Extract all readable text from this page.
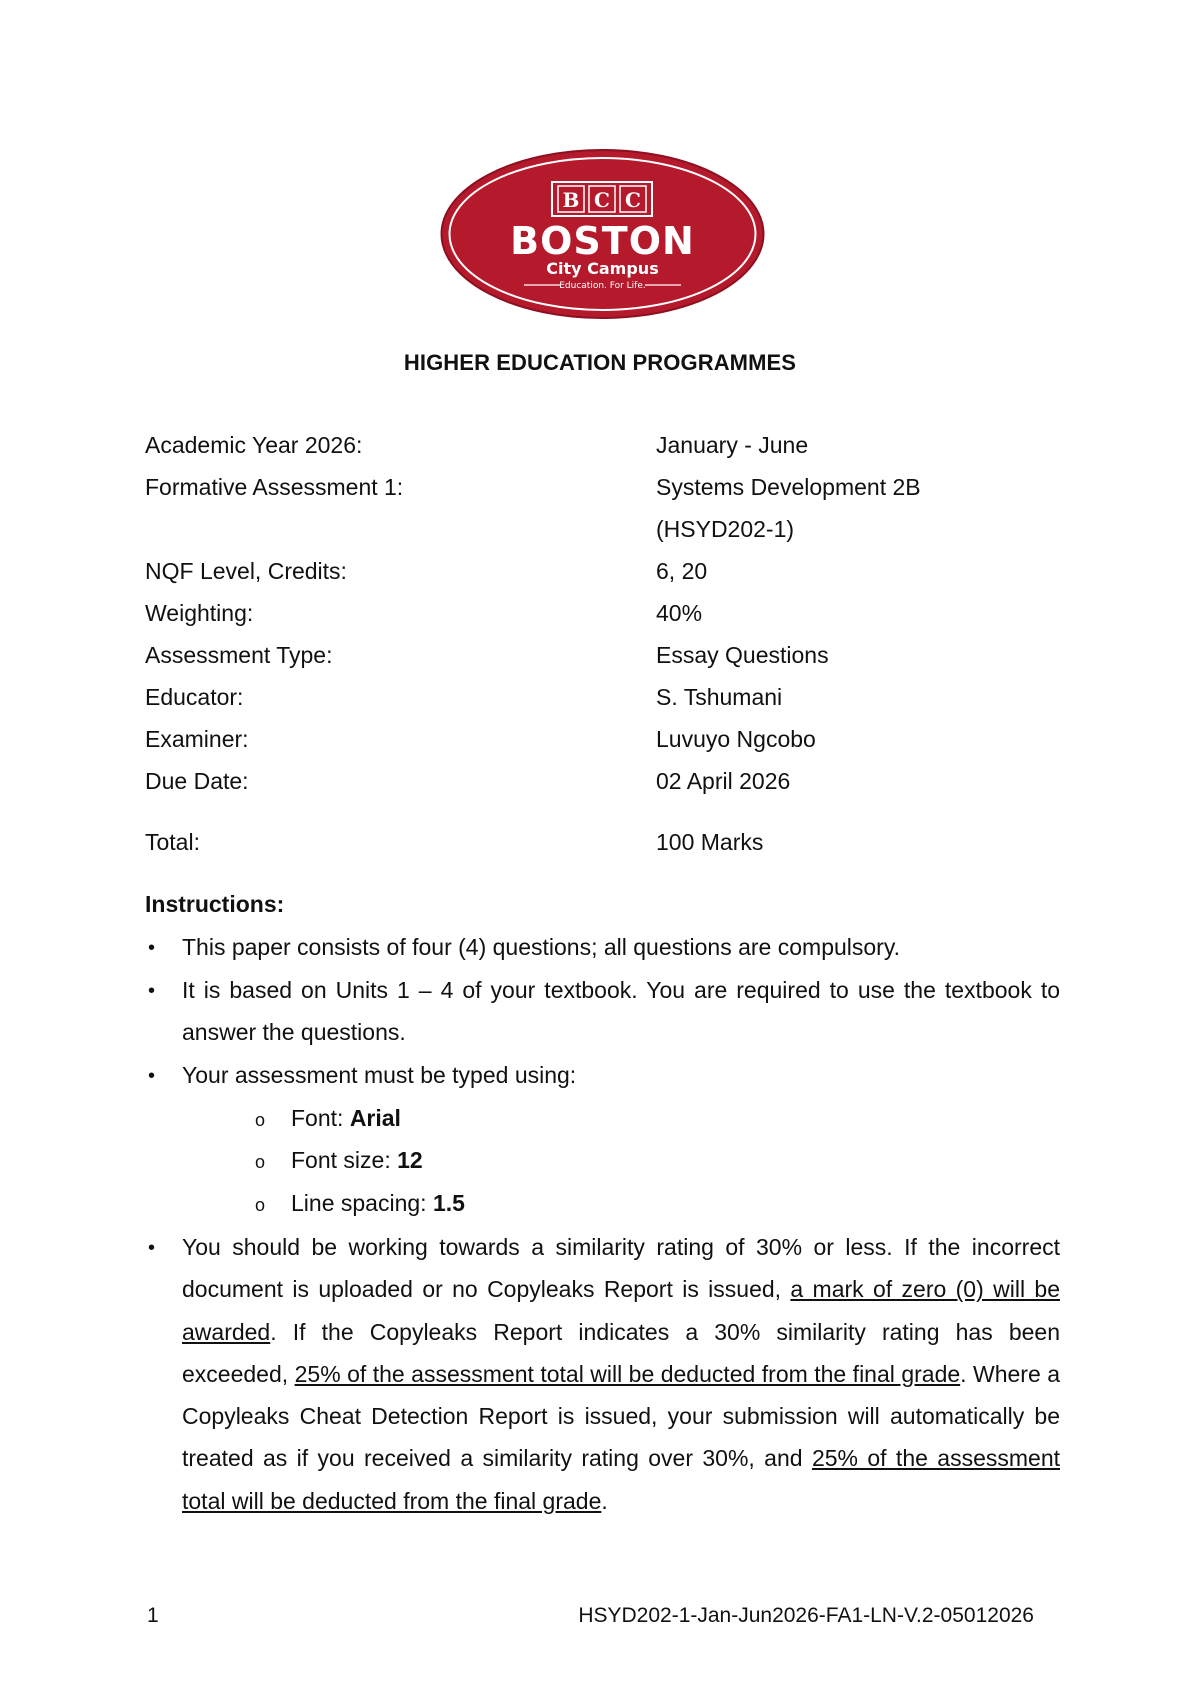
B C C
BOSTON
City Campus
Education. For Life.
HIGHER EDUCATION PROGRAMMES
Academic Year 2026:	January - June
Formative Assessment 1:	Systems Development 2B
(HSYD202-1)
NQF Level, Credits:	6, 20
Weighting:	40%
Assessment Type:	Essay Questions
Educator:	S. Tshumani
Examiner:	Luvuyo Ngcobo
Due Date:	02 April 2026
Total:	100 Marks
Instructions:
• This paper consists of four (4) questions; all questions are compulsory.
• It is based on Units 1 – 4 of your textbook. You are required to use the textbook to answer the questions.
• Your assessment must be typed using:
o Font: Arial
o Font size: 12
o Line spacing: 1.5
• You should be working towards a similarity rating of 30% or less. If the incorrect document is uploaded or no Copyleaks Report is issued, a mark of zero (0) will be awarded. If the Copyleaks Report indicates a 30% similarity rating has been exceeded, 25% of the assessment total will be deducted from the final grade. Where a Copyleaks Cheat Detection Report is issued, your submission will automatically be treated as if you received a similarity rating over 30%, and 25% of the assessment total will be deducted from the final grade.
1	HSYD202-1-Jan-Jun2026-FA1-LN-V.2-05012026
